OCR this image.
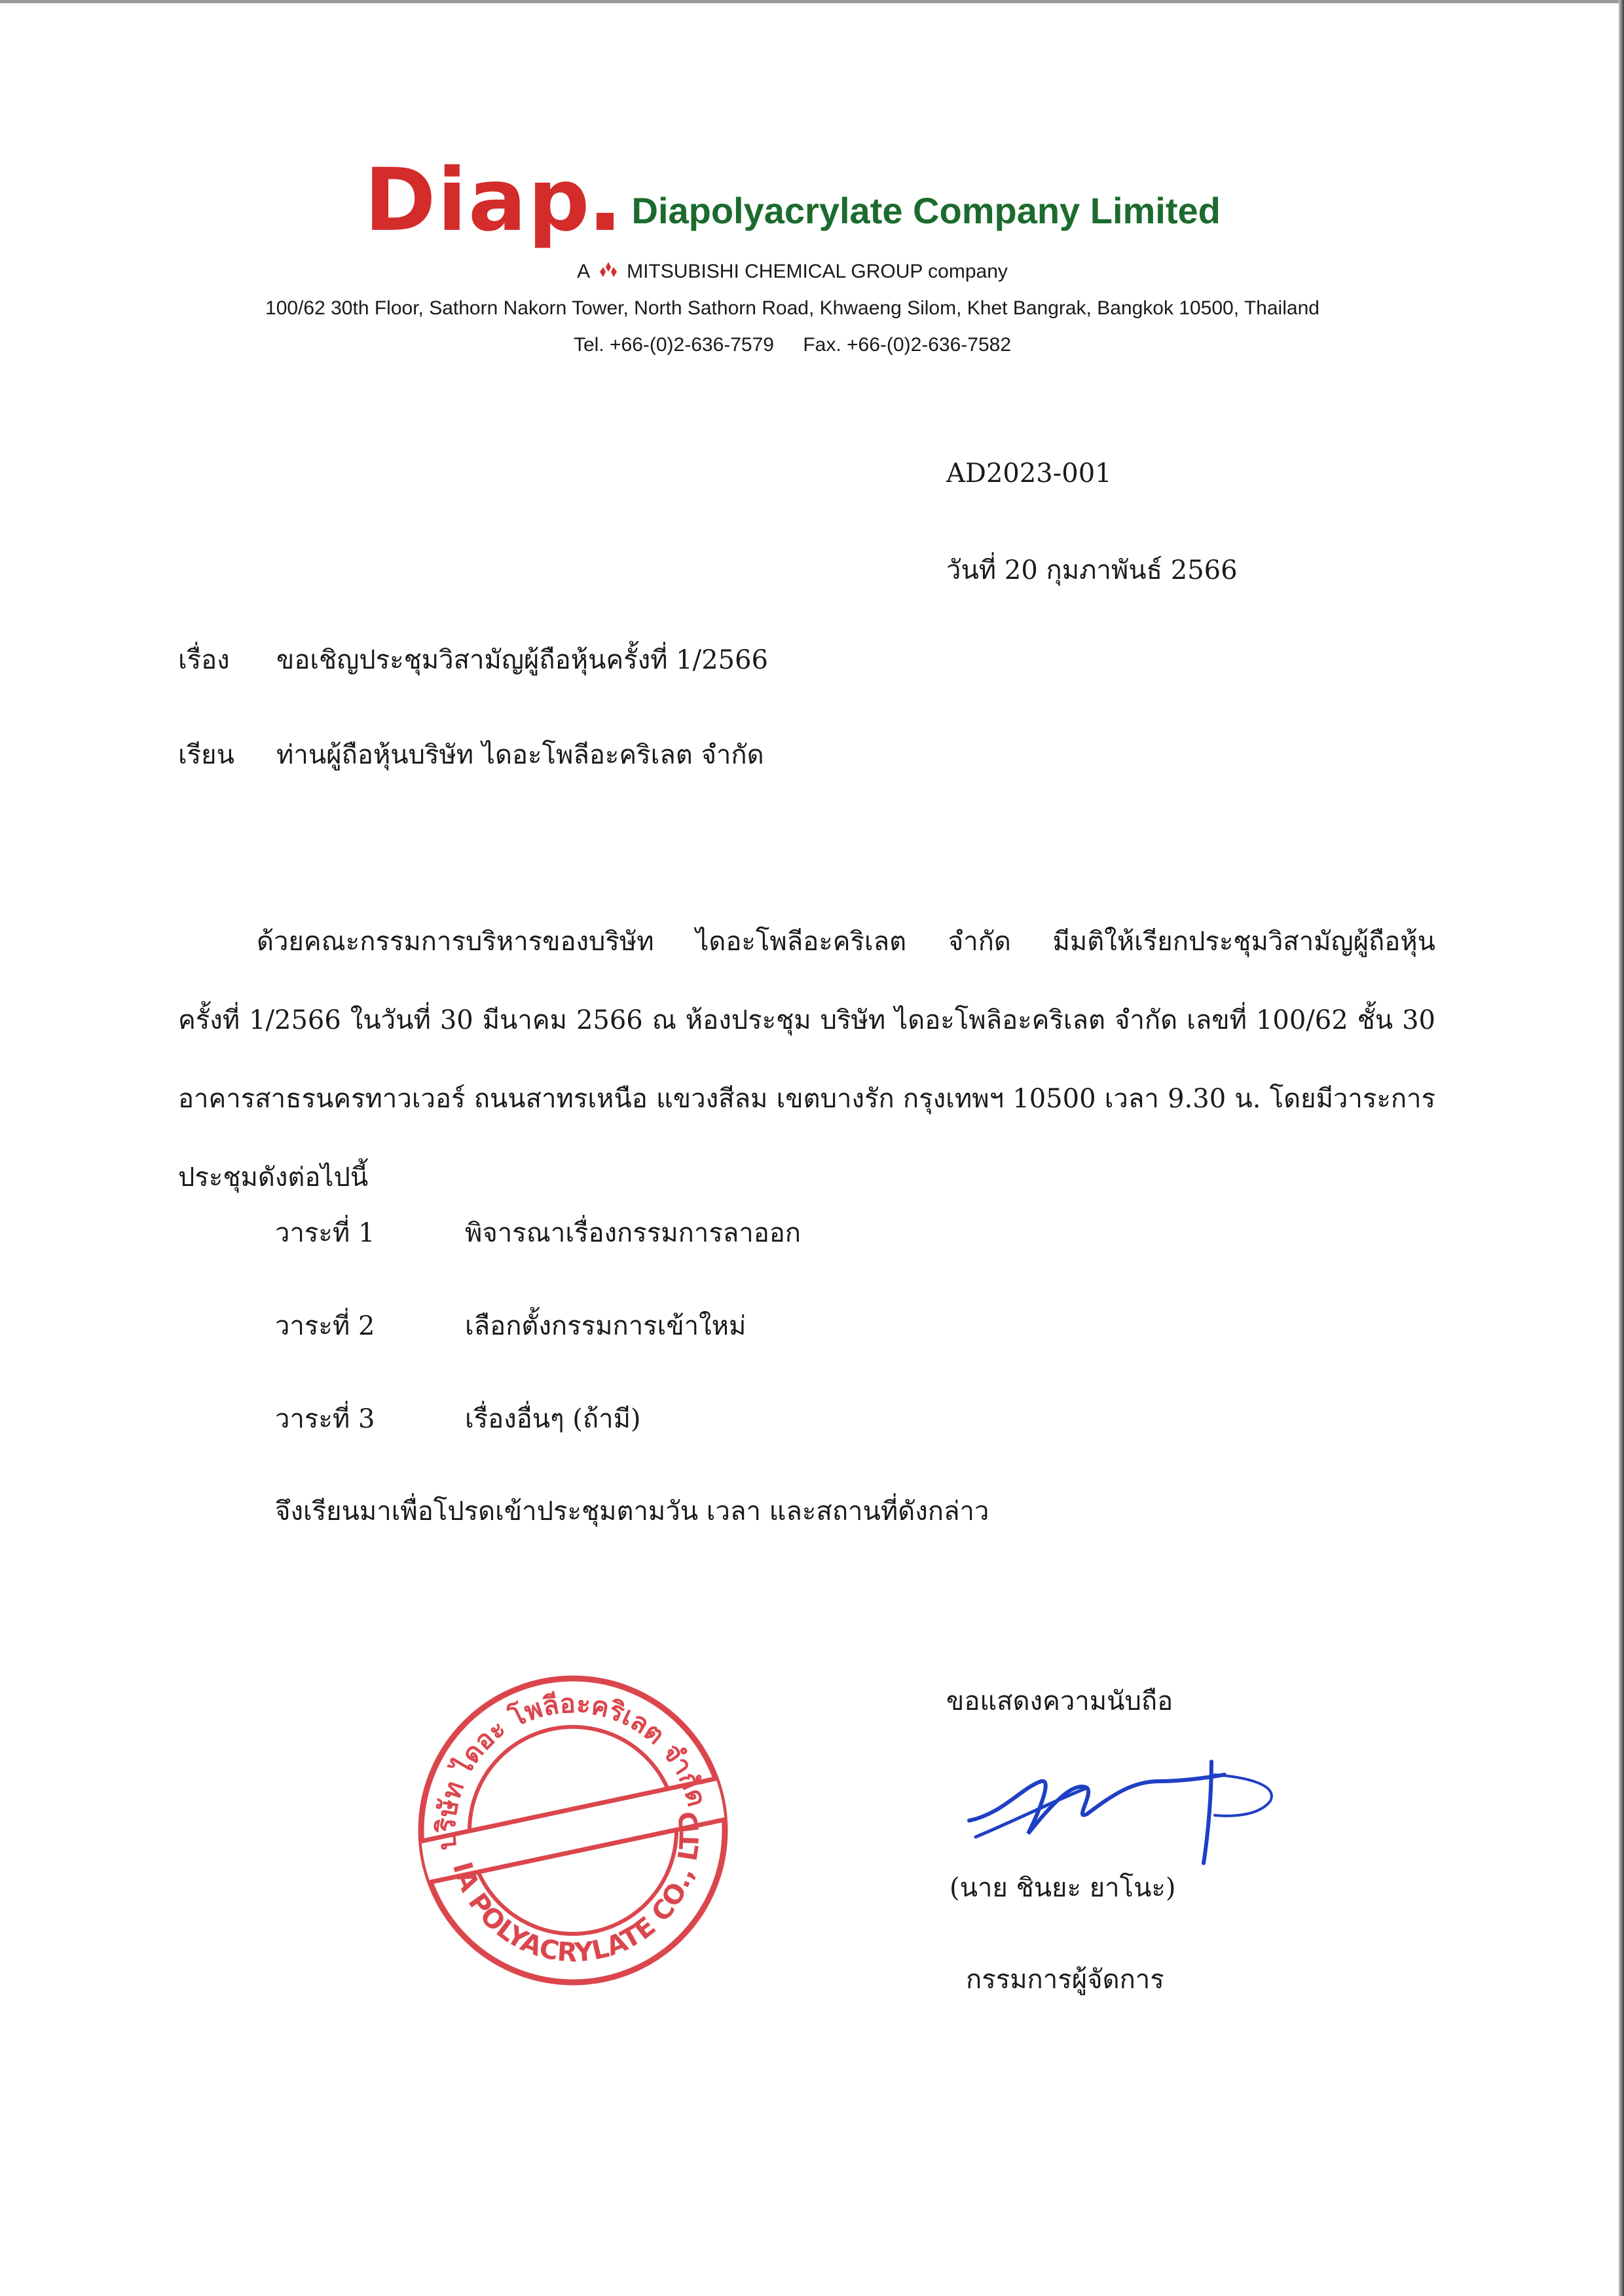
Diap	Diapolyacrylate Company Limited
A MITSUBISHI CHEMICAL GROUP company
100/62 30th Floor, Sathorn Nakorn Tower, North Sathorn Road, Khwaeng Silom, Khet Bangrak, Bangkok 10500, Thailand
Tel. +66-(0)2-636-7579 Fax. +66-(0)2-636-7582
AD2023-001
วันที่ 20 กุมภาพันธ์ 2566
เรื่อง	ขอเชิญประชุมวิสามัญผู้ถือหุ้นครั้งที่ 1/2566
เรียน	ท่านผู้ถือหุ้นบริษัท ไดอะโพลีอะคริเลต จำกัด

ด้วยคณะกรรมการบริหารของบริษัท ไดอะโพลีอะคริเลต จำกัด มีมติให้เรียกประชุมวิสามัญผู้ถือหุ้น

ครั้งที่ 1/2566 ในวันที่ 30 มีนาคม 2566 ณ ห้องประชุม บริษัท ไดอะโพลิอะคริเลต จำกัด เลขที่ 100/62 ชั้น 30

อาคารสาธรนครทาวเวอร์ ถนนสาทรเหนือ แขวงสีลม เขตบางรัก กรุงเทพฯ 10500 เวลา 9.30 น. โดยมีวาระการ

ประชุมดังต่อไปนี้

วาระที่ 1	พิจารณาเรื่องกรรมการลาออก
วาระที่ 2	เลือกตั้งกรรมการเข้าใหม่
วาระที่ 3	เรื่องอื่นๆ (ถ้ามี)
จึงเรียนมาเพื่อโปรดเข้าประชุมตามวัน เวลา และสถานที่ดังกล่าว
ขอแสดงความนับถือ
(นาย ชินยะ ยาโนะ)
กรรมการผู้จัดการ
บริษัท ไดอะ โพลีอะคริเลต จำกัด
DIA POLYACRYLATE CO., LTD.
